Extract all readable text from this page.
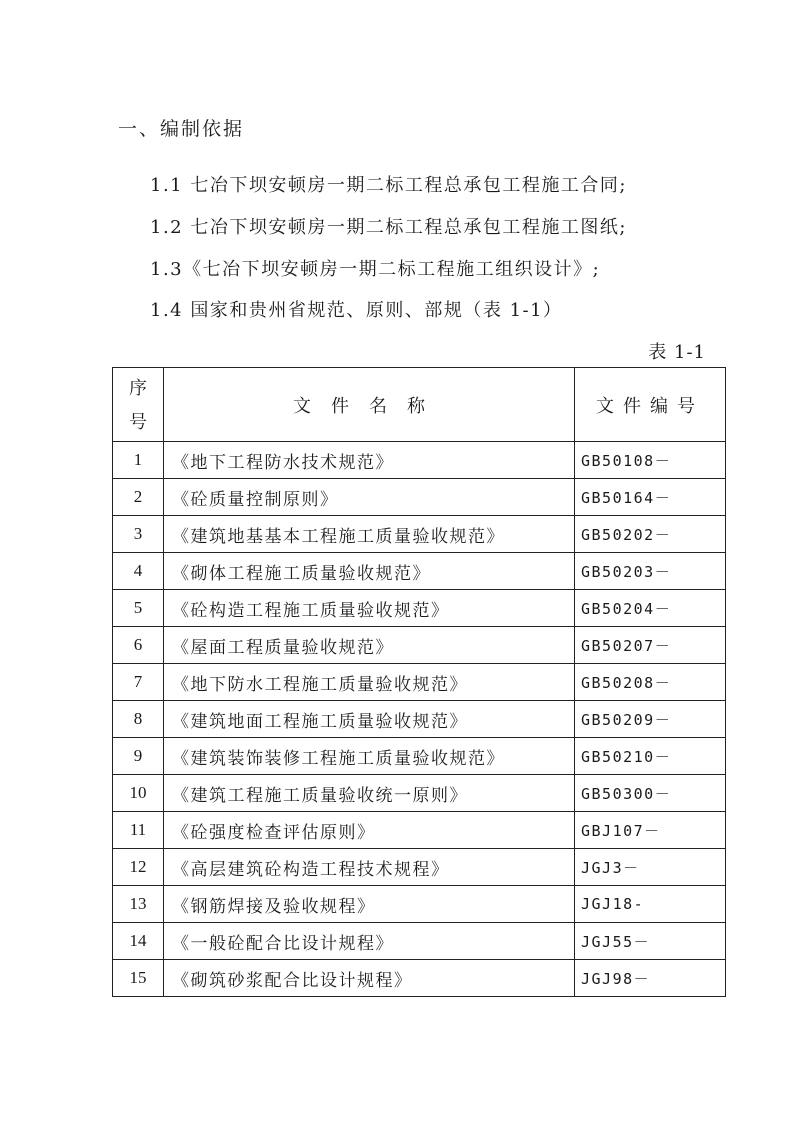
一、编制依据
1.1 七冶下坝安顿房一期二标工程总承包工程施工合同;
1.2 七冶下坝安顿房一期二标工程总承包工程施工图纸;
1.3《七冶下坝安顿房一期二标工程施工组织设计》;
1.4 国家和贵州省规范、原则、部规（表 1-1）
表 1-1
序
号	文件名称	文件编号
1	《地下工程防水技术规范》	GB50108－
2	《砼质量控制原则》	GB50164－
3	《建筑地基基本工程施工质量验收规范》	GB50202－
4	《砌体工程施工质量验收规范》	GB50203－
5	《砼构造工程施工质量验收规范》	GB50204－
6	《屋面工程质量验收规范》	GB50207－
7	《地下防水工程施工质量验收规范》	GB50208－
8	《建筑地面工程施工质量验收规范》	GB50209－
9	《建筑装饰装修工程施工质量验收规范》	GB50210－
10	《建筑工程施工质量验收统一原则》	GB50300－
11	《砼强度检查评估原则》	GBJ107－
12	《高层建筑砼构造工程技术规程》	JGJ3－
13	《钢筋焊接及验收规程》	JGJ18-
14	《一般砼配合比设计规程》	JGJ55－
15	《砌筑砂浆配合比设计规程》	JGJ98－
